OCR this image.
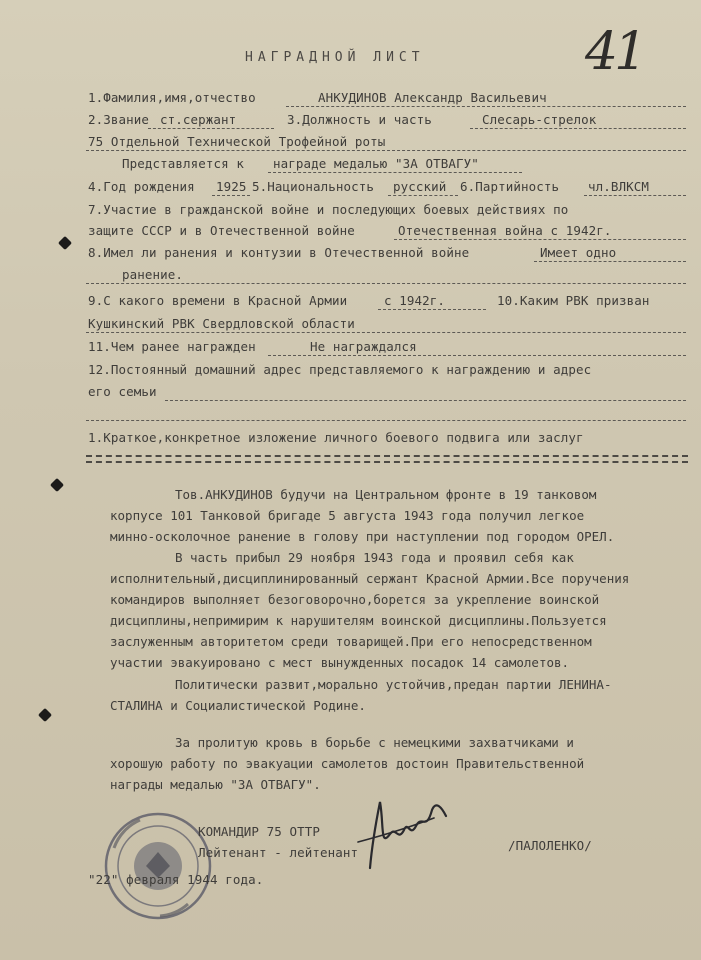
41
НАГРАДНОЙ ЛИСТ
1.Фамилия,имя,отчество	АНКУДИНОВ Александр Васильевич
2.Звание ст.сержант	3.Должность и часть	Слесарь-стрелок
75 Отдельной Технической Трофейной роты
Представляется к награде медалью "ЗА ОТВАГУ"
4.Год рождения 1925 5.Национальность русский 6.Партийность чл.ВЛКСМ
7.Участие в гражданской войне и последующих боевых действиях по
защите СССР и в Отечественной войне	Отечественная война с 1942г.
8.Имел ли ранения и контузии в Отечественной войне	Имеет одно
ранение.
9.С какого времени в Красной Армии	с 1942г.	10.Каким РВК призван
Кушкинский РВК Свердловской области
11.Чем ранее награжден	Не награждался
12.Постоянный домашний адрес представляемого к награждению и адрес
его семьи
1.Краткое,конкретное изложение личного боевого подвига или заслуг
Тов.АНКУДИНОВ будучи на Центральном фронте в 19 танковом
корпусе 101 Танковой бригаде 5 августа 1943 года получил легкое
минно-осколочное ранение в голову при наступлении под городом ОРЕЛ.
В часть прибыл 29 ноября 1943 года и проявил себя как
исполнительный,дисциплинированный сержант Красной Армии.Все поручения
командиров выполняет безоговорочно,борется за укрепление воинской
дисциплины,непримирим к нарушителям воинской дисциплины.Пользуется
заслуженным авторитетом среди товарищей.При его непосредственном
участии эвакуировано с мест вынужденных посадок 14 самолетов.
Политически развит,морально устойчив,предан партии ЛЕНИНА-
СТАЛИНА и Социалистической Родине.
За пролитую кровь в борьбе с немецкими захватчиками и
хорошую работу по эвакуации самолетов достоин Правительственной
награды медалью "ЗА ОТВАГУ".
КОМАНДИР 75 ОТТР
Лейтенант - лейтенант
"22" февраля 1944 года.
/ПАЛОЛЕНКО/
